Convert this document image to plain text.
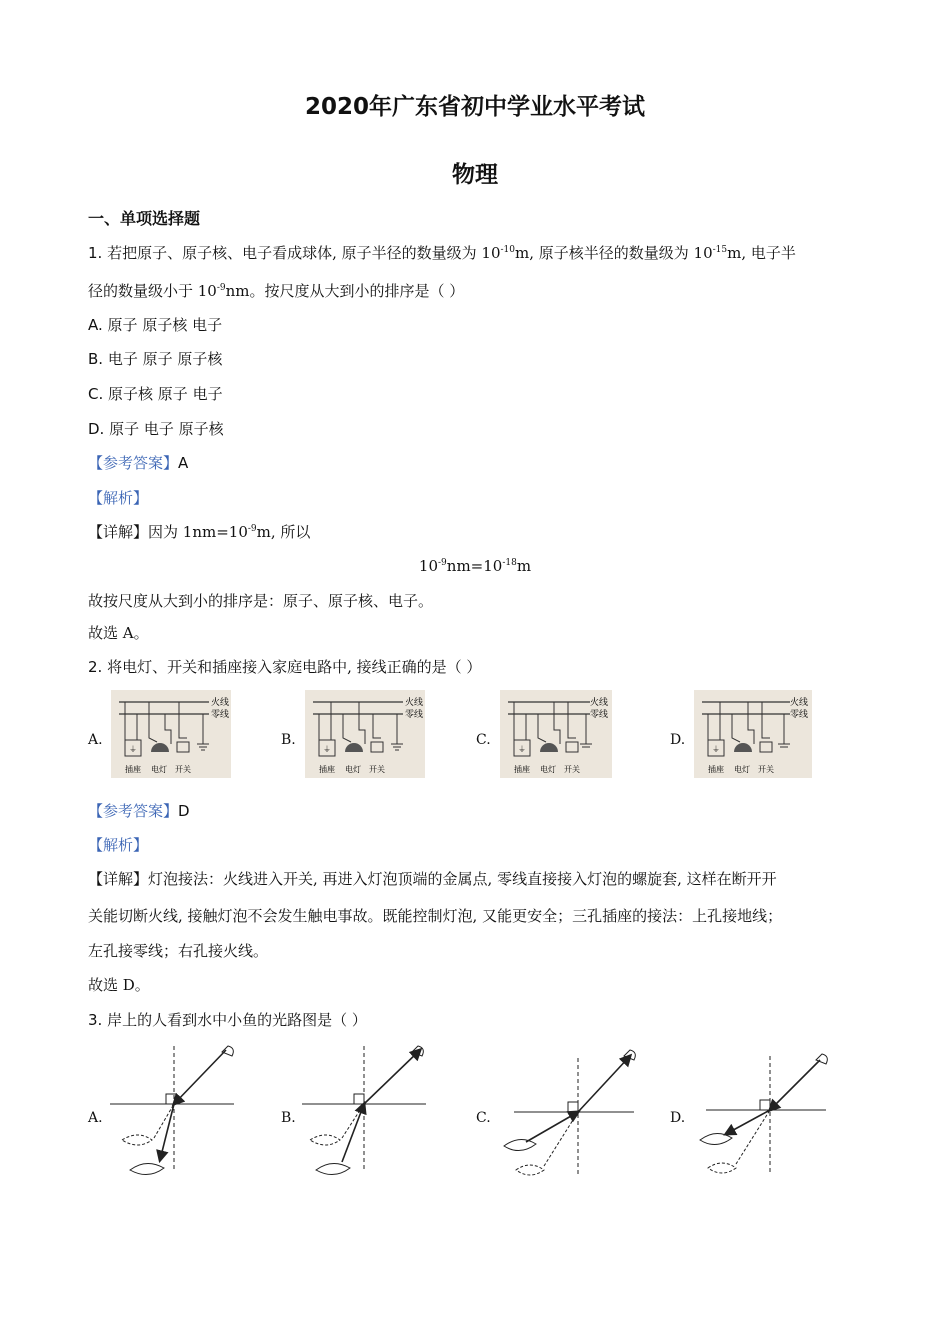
2020年广东省初中学业水平考试
物理
一、单项选择题
1. 若把原子、原子核、电子看成球体, 原子半径的数量级为 $10^{-10}m$, 原子核半径的数量级为 $10^{-15}m$, 电子半
径的数量级小于 $10^{-9}nm$。按尺度从大到小的排序是（ ）
A. 原子 原子核 电子
B. 电子 原子 原子核
C. 原子核 原子 电子
D. 原子 电子 原子核
【参考答案】A
【解析】
【详解】因为 $1nm=10^{-9}m$, 所以
$10^{-9}nm=10^{-18}m$
故按尺度从大到小的排序是：原子、原子核、电子。
故选 A。
2. 将电灯、开关和插座接入家庭电路中, 接线正确的是（ ）
A.	B.	C.	D.
火线
零线
⏚
插座 电灯 开关
火线
零线
⏚
插座 电灯 开关
火线
零线
⏚
插座 电灯 开关
火线
零线
⏚
插座 电灯 开关
【参考答案】D
【解析】
【详解】灯泡接法：火线进入开关, 再进入灯泡顶端的金属点, 零线直接接入灯泡的螺旋套, 这样在断开开
关能切断火线, 接触灯泡不会发生触电事故。既能控制灯泡, 又能更安全；三孔插座的接法：上孔接地线；
左孔接零线；右孔接火线。
故选 D。
3. 岸上的人看到水中小鱼的光路图是（ ）
A.	B.	C.	D.
